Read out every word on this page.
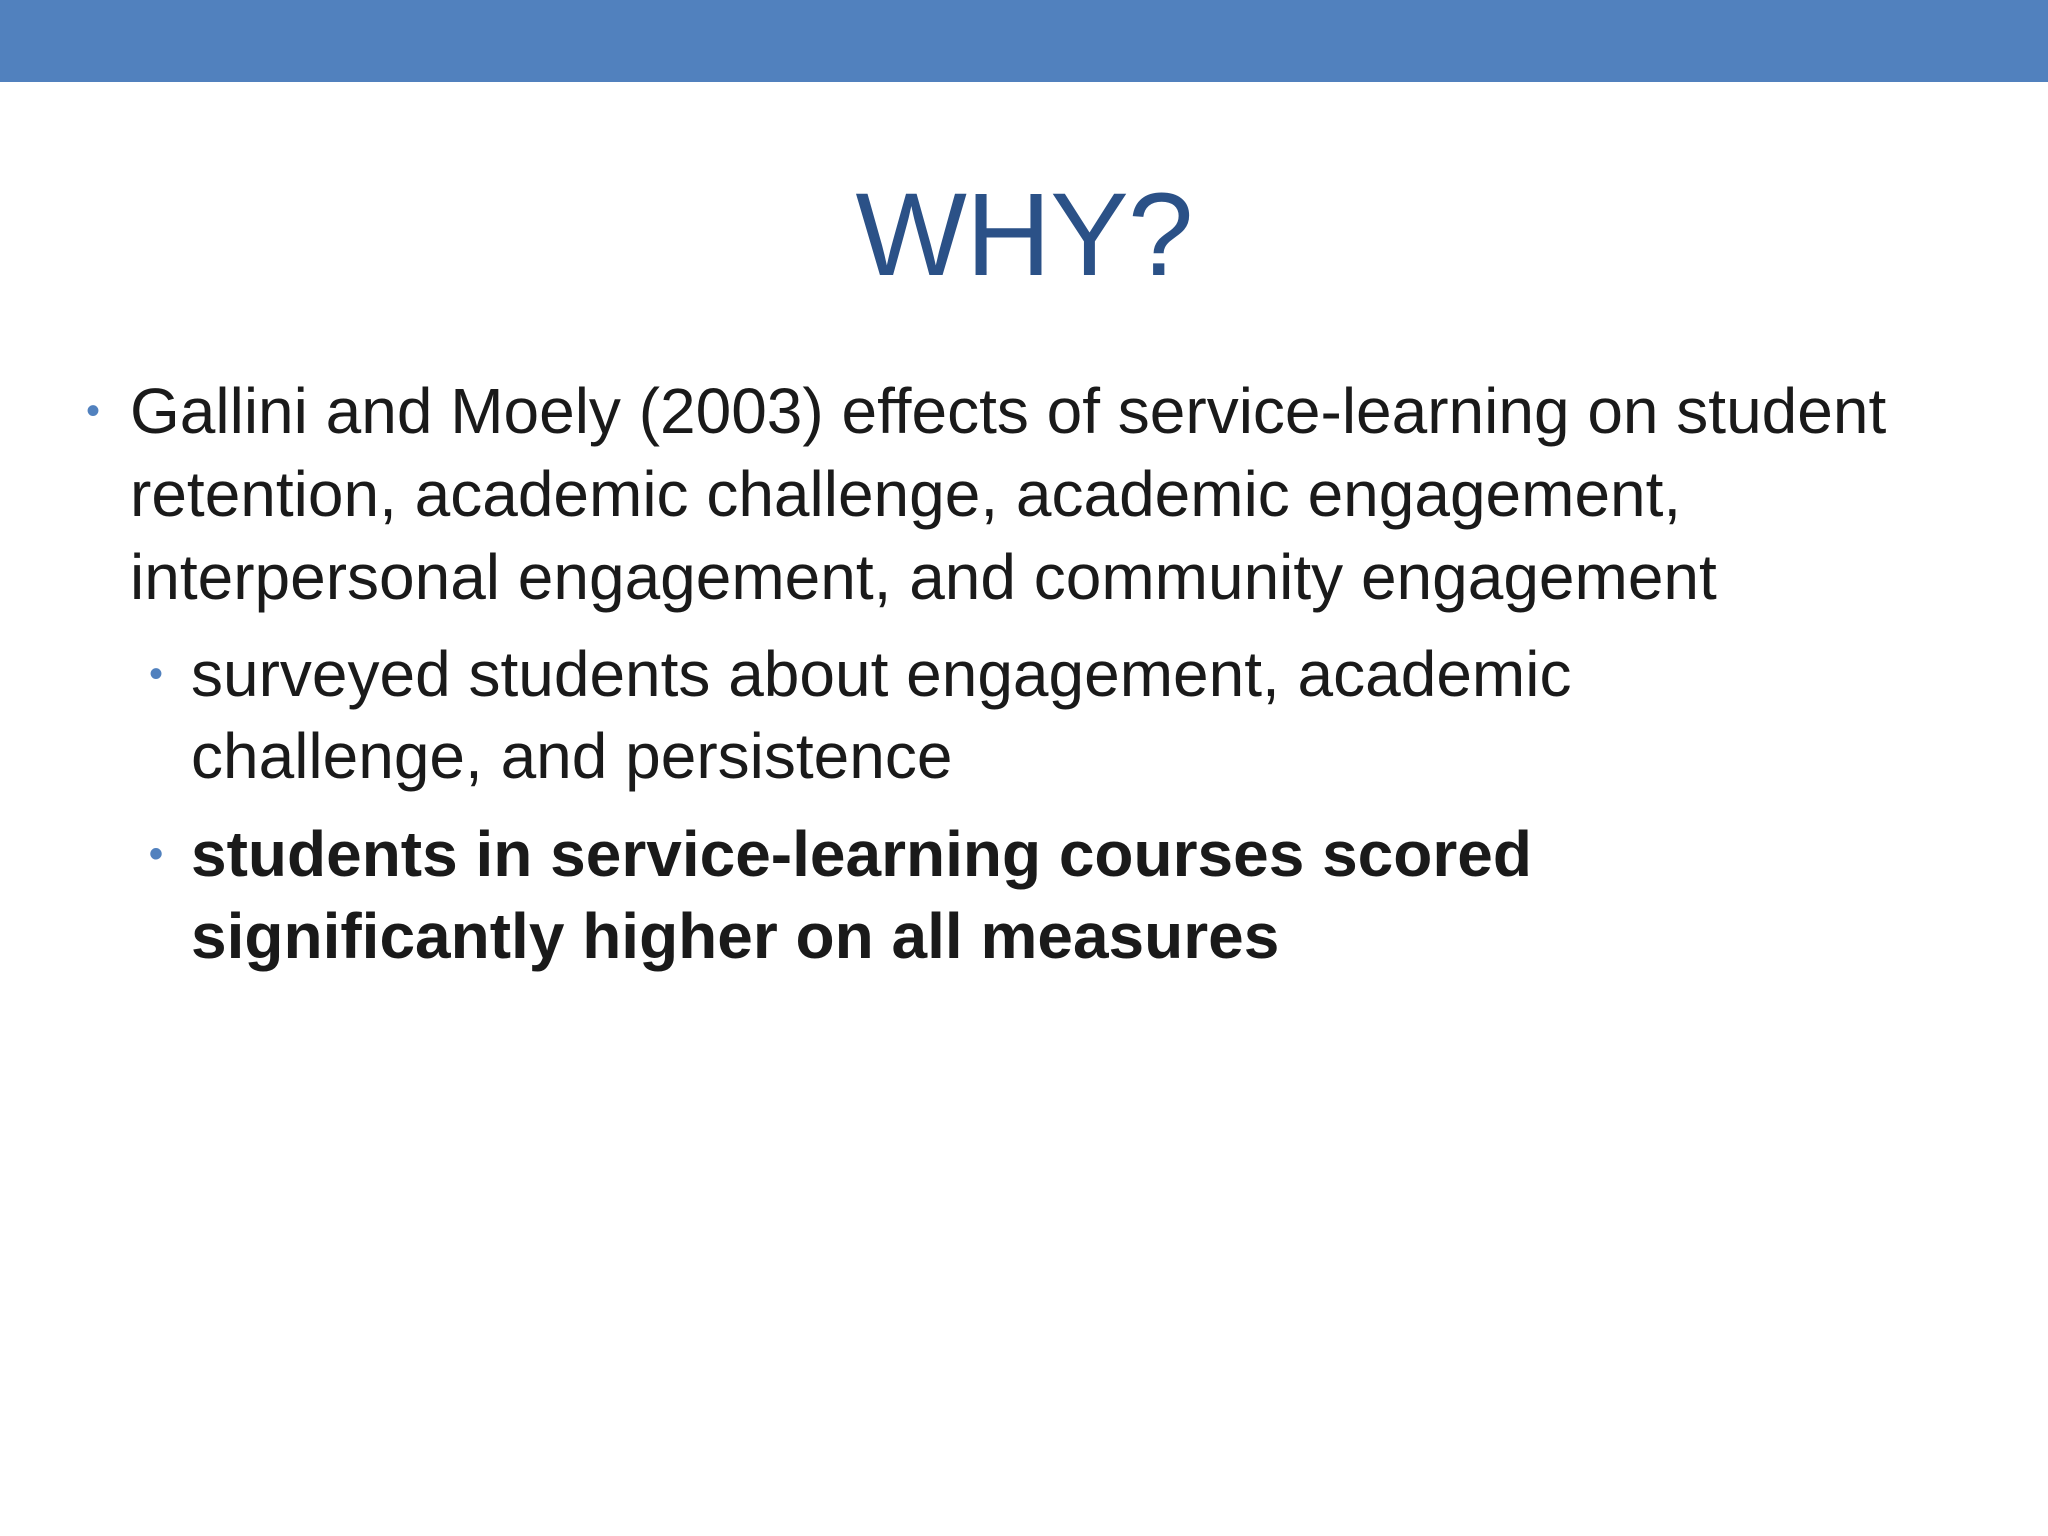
WHY?
• Gallini and Moely (2003) effects of service-learning on student retention, academic challenge, academic engagement, interpersonal engagement, and community engagement
• surveyed students about engagement, academic challenge, and persistence
• students in service-learning courses scored significantly higher on all measures
